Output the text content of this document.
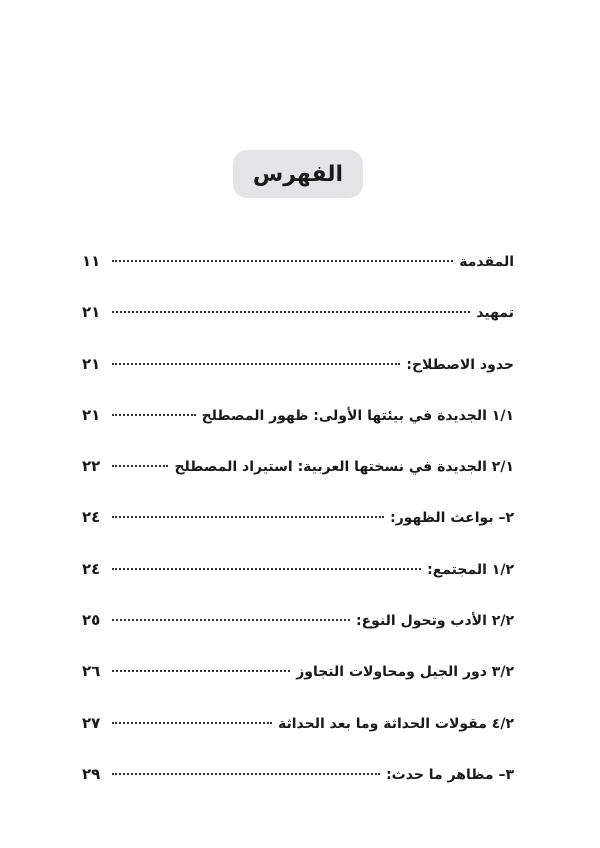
الفهرس
١١	المقدمة
٢١	تمهيد
٢١	حدود الاصطلاح:
٢١	١/١ الجديدة في بيئتها الأولى: ظهور المصطلح
٢٢	٢/١ الجديدة في نسختها العربية: استيراد المصطلح
٢٤	٢– بواعث الظهور:
٢٤	١/٢ المجتمع:
٢٥	٢/٢ الأدب وتحول النوع:
٢٦	٣/٢ دور الجيل ومحاولات التجاوز
٢٧	٤/٢ مقولات الحداثة وما بعد الحداثة
٢٩	٣– مظاهر ما حدث:
